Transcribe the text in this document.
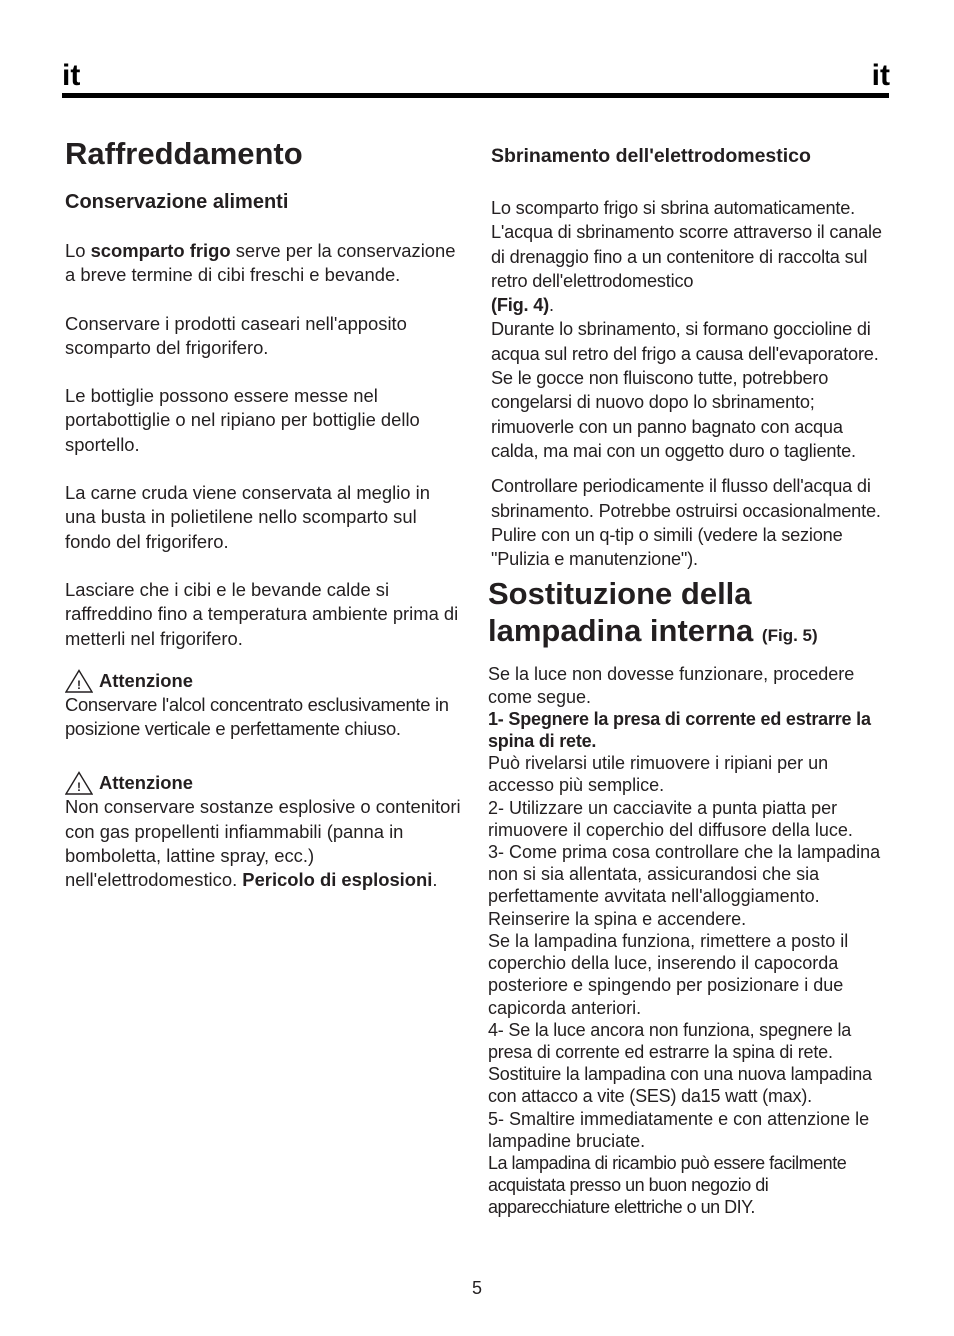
it	it
Raffreddamento
Conservazione alimenti

Lo scomparto frigo serve per la conservazione a breve termine di cibi freschi e bevande.

Conservare i prodotti caseari nell'apposito scomparto del frigorifero.

Le bottiglie possono essere messe nel portabottiglie o nel ripiano per bottiglie dello sportello.

La carne cruda viene conservata al meglio in una busta in polietilene nello scomparto sul fondo del frigorifero.

Lasciare che i cibi e le bevande calde si raffreddino fino a temperatura ambiente prima di metterli nel frigorifero.

! Attenzione

Conservare l'alcol concentrato esclusivamente in posizione verticale e perfettamente chiuso.

! Attenzione

Non conservare sostanze esplosive o contenitori con gas propellenti infiammabili (panna in bomboletta, lattine spray, ecc.) nell'elettrodomestico. Pericolo di esplosioni.

Sbrinamento dell'elettrodomestico

Lo scomparto frigo si sbrina automaticamente. L'acqua di sbrinamento scorre attraverso il canale di drenaggio fino a un contenitore di raccolta sul retro dell'elettrodomestico
(Fig. 4).

Durante lo sbrinamento, si formano goccioline di acqua sul retro del frigo a causa dell'evaporatore.

Se le gocce non fluiscono tutte, potrebbero congelarsi di nuovo dopo lo sbrinamento; rimuoverle con un panno bagnato con acqua calda, ma mai con un oggetto duro o tagliente.

Controllare periodicamente il flusso dell'acqua di sbrinamento. Potrebbe ostruirsi occasionalmente. Pulire con un q-tip o simili (vedere la sezione "Pulizia e manutenzione").

Sostituzione della
lampadina interna (Fig. 5)

Se la luce non dovesse funzionare, procedere come segue.

1- Spegnere la presa di corrente ed estrarre la spina di rete.

Può rivelarsi utile rimuovere i ripiani per un accesso più semplice.

2- Utilizzare un cacciavite a punta piatta per rimuovere il coperchio del diffusore della luce.

3- Come prima cosa controllare che la lampadina non si sia allentata, assicurandosi che sia perfettamente avvitata nell'alloggiamento. Reinserire la spina e accendere.

Se la lampadina funziona, rimettere a posto il coperchio della luce, inserendo il capocorda posteriore e spingendo per posizionare i due capicorda anteriori.

4- Se la luce ancora non funziona, spegnere la presa di corrente ed estrarre la spina di rete. Sostituire la lampadina con una nuova lampadina con attacco a vite (SES) da15 watt (max).

5- Smaltire immediatamente e con attenzione le lampadine bruciate.

La lampadina di ricambio può essere facilmente acquistata presso un buon negozio di apparecchiature elettriche o un DIY.

5
